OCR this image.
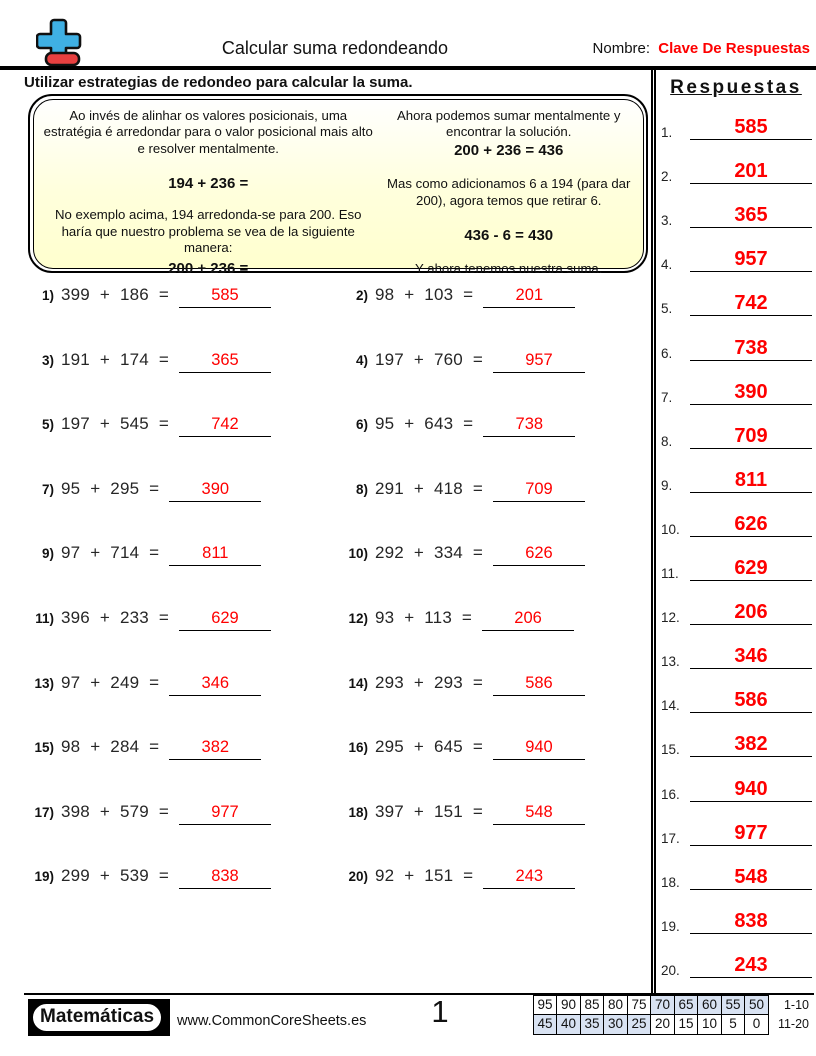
Calcular suma redondeando	Nombre: Clave De Respuestas
Utilizar estrategias de redondeo para calcular la suma.

Ao invés de alinhar os valores posicionais, uma estratégia é arredondar para o valor posicional mais alto e resolver mentalmente.

194 + 236 =

No exemplo acima, 194 arredonda-se para 200. Eso haría que nuestro problema se vea de la siguiente manera:

200 + 236 =

Ahora podemos sumar mentalmente y encontrar la solución.

200 + 236 = 436

Mas como adicionamos 6 a 194 (para dar 200), agora temos que retirar 6.

436 - 6 = 430

Y ahora tenemos nuestra suma.

1) 399 + 186 =	585	2) 98 + 103 =	201
3) 191 + 174 =	365	4) 197 + 760 =	957
5) 197 + 545 =	742	6) 95 + 643 =	738
7) 95 + 295 =	390	8) 291 + 418 =	709
9) 97 + 714 =	811	10) 292 + 334 =	626
11) 396 + 233 =	629	12) 93 + 113 =	206
13) 97 + 249 =	346	14) 293 + 293 =	586
15) 98 + 284 =	382	16) 295 + 645 =	940
17) 398 + 579 =	977	18) 397 + 151 =	548
19) 299 + 539 =	838	20) 92 + 151 =	243
Respuestas
1.	585
2.	201
3.	365
4.	957
5.	742
6.	738
7.	390
8.	709
9.	811
10.	626
11.	629
12.	206
13.	346
14.	586
15.	382
16.	940
17.	977
18.	548
19.	838
20.	243
Matemáticas	www.CommonCoreSheets.es	1	95 90 85 80 75 70 65 60 55 50	1-10
45 40 35 30 25 20 15 10 5	0	11-20
